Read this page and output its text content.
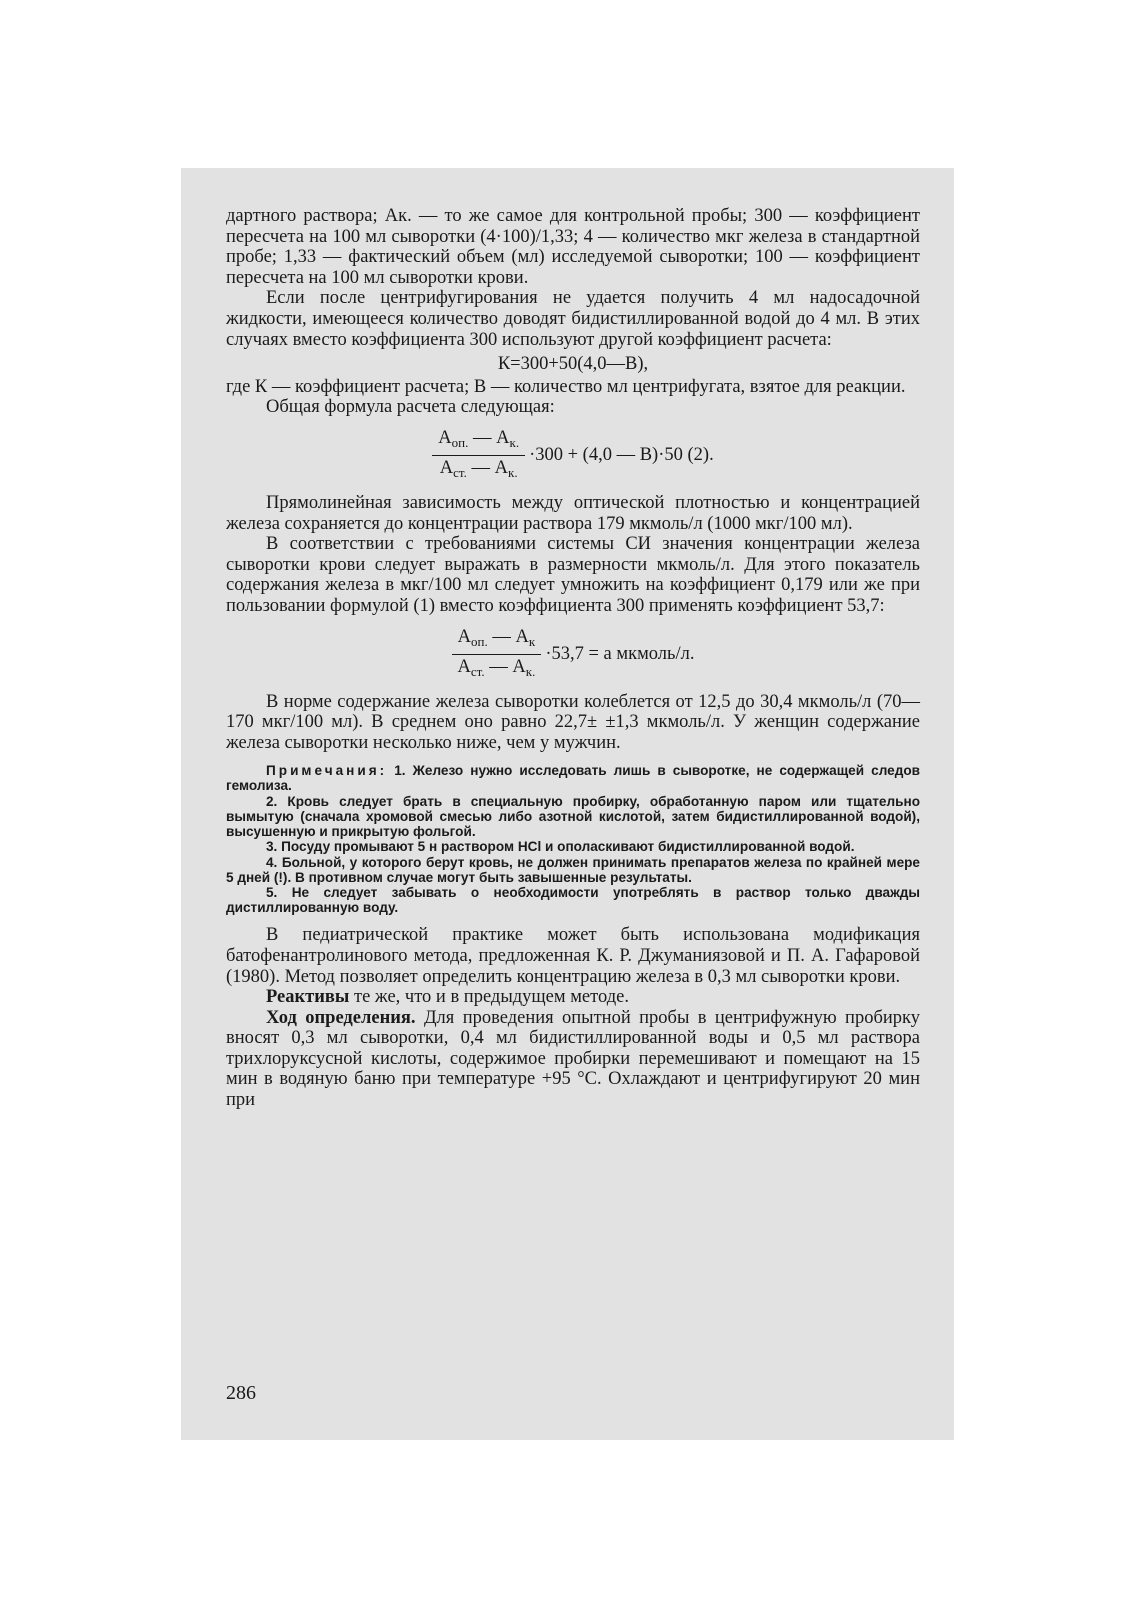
дартного раствора; Aк. — то же самое для контрольной пробы; 300 — коэффициент пересчета на 100 мл сыворотки (4·100)/1,33; 4 — количество мкг железа в стандартной пробе; 1,33 — фактический объем (мл) исследуемой сыворотки; 100 — коэффициент пересчета на 100 мл сыворотки крови.

Если после центрифугирования не удается получить 4 мл надосадочной жидкости, имеющееся количество доводят бидистиллированной водой до 4 мл. В этих случаях вместо коэффициента 300 используют другой коэффициент расчета:

К=300+50(4,0—В),

где К — коэффициент расчета; В — количество мл центрифугата, взятое для реакции.

Общая формула расчета следующая:

$\frac{A_{оп.} — A_{к.}}{A_{ст.} — A_{к.}} \cdot 300 + (4,0$ — В)·50 (2).

Прямолинейная зависимость между оптической плотностью и концентрацией железа сохраняется до концентрации раствора 179 мкмоль/л (1000 мкг/100 мл).

В соответствии с требованиями системы СИ значения концентрации железа сыворотки крови следует выражать в размерности мкмоль/л. Для этого показатель содержания железа в мкг/100 мл следует умножить на коэффициент 0,179 или же при пользовании формулой (1) вместо коэффициента 300 применять коэффициент 53,7:

$\frac{A_{оп.} — A_к}{A_{ст.} — A_{к.}} \cdot 53,7 = a$ мкмоль/л.

В норме содержание железа сыворотки колеблется от 12,5 до 30,4 мкмоль/л (70—170 мкг/100 мл). В среднем оно равно 22,7± ±1,3 мкмоль/л. У женщин содержание железа сыворотки несколько ниже, чем у мужчин.

Примечания: 1. Железо нужно исследовать лишь в сыворотке, не содержащей следов гемолиза.

2. Кровь следует брать в специальную пробирку, обработанную паром или тщательно вымытую (сначала хромовой смесью либо азотной кислотой, затем бидистиллированной водой), высушенную и прикрытую фольгой.

3. Посуду промывают 5 н раствором HCl и ополаскивают бидистиллированной водой.

4. Больной, у которого берут кровь, не должен принимать препаратов железа по крайней мере 5 дней (!). В противном случае могут быть завышенные результаты.

5. Не следует забывать о необходимости употреблять в раствор только дважды дистиллированную воду.

В педиатрической практике может быть использована модификация батофенантролинового метода, предложенная К. Р. Джуманиязовой и П. А. Гафаровой (1980). Метод позволяет определить концентрацию железа в 0,3 мл сыворотки крови.

Реактивы те же, что и в предыдущем методе.

Ход определения. Для проведения опытной пробы в центрифужную пробирку вносят 0,3 мл сыворотки, 0,4 мл бидистиллированной воды и 0,5 мл раствора трихлоруксусной кислоты, содержимое пробирки перемешивают и помещают на 15 мин в водяную баню при температуре +95 °С. Охлаждают и центрифугируют 20 мин при

286
